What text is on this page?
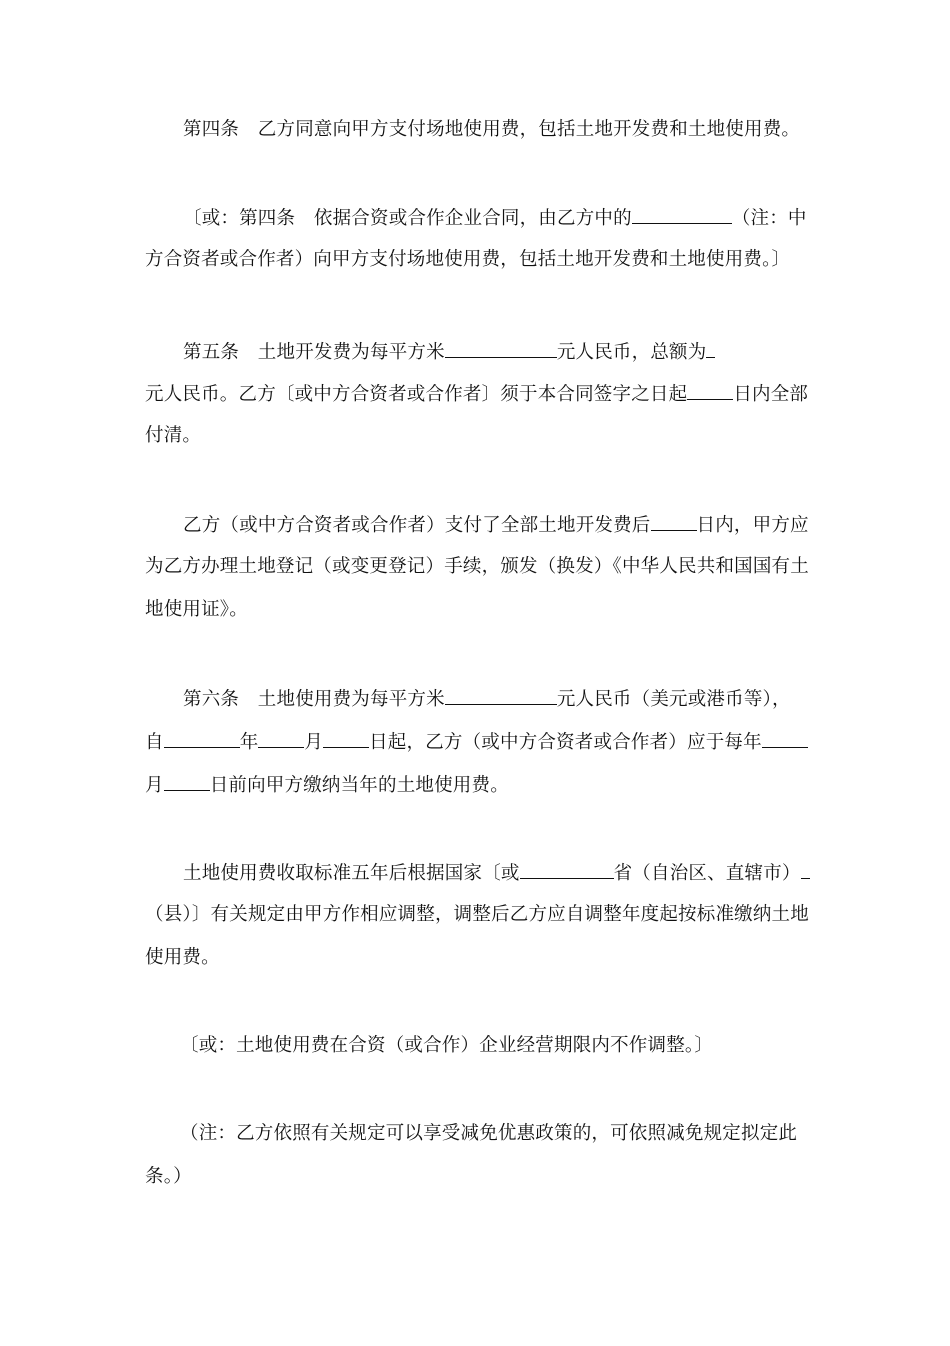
第四条　乙方同意向甲方支付场地使用费，包括土地开发费和土地使用费。
〔或：第四条　依据合资或合作企业合同，由乙方中的	（注：中
方合资者或合作者）向甲方支付场地使用费，包括土地开发费和土地使用费。〕
第五条　土地开发费为每平方米	元人民币，总额为
元人民币。乙方〔或中方合资者或合作者〕须于本合同签字之日起 日内全部
付清。
乙方（或中方合资者或合作者）支付了全部土地开发费后 日内，甲方应
为乙方办理土地登记（或变更登记）手续，颁发（换发）《中华人民共和国国有土
地使用证》。
第六条　土地使用费为每平方米	元人民币（美元或港币等），
自	年 月 日起，乙方（或中方合资者或合作者）应于每年
月 日前向甲方缴纳当年的土地使用费。
土地使用费收取标准五年后根据国家〔或	省（自治区、直辖市）
（县）〕有关规定由甲方作相应调整，调整后乙方应自调整年度起按标准缴纳土地
使用费。
〔或：土地使用费在合资（或合作）企业经营期限内不作调整。〕
（注：乙方依照有关规定可以享受减免优惠政策的，可依照减免规定拟定此
条。）
